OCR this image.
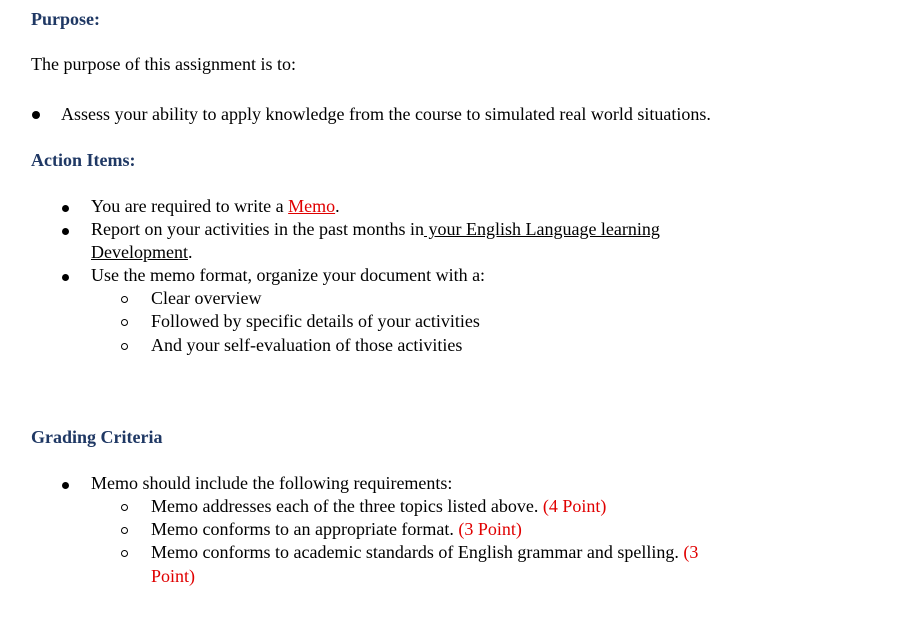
Purpose:
The purpose of this assignment is to:
Assess your ability to apply knowledge from the course to simulated real world situations.
Action Items:
You are required to write a Memo.
Report on your activities in the past months in your English Language learning
Development.
Use the memo format, organize your document with a:
Clear overview
Followed by specific details of your activities
And your self-evaluation of those activities
Grading Criteria
Memo should include the following requirements:
Memo addresses each of the three topics listed above. (4 Point)
Memo conforms to an appropriate format. (3 Point)
Memo conforms to academic standards of English grammar and spelling. (3
Point)
